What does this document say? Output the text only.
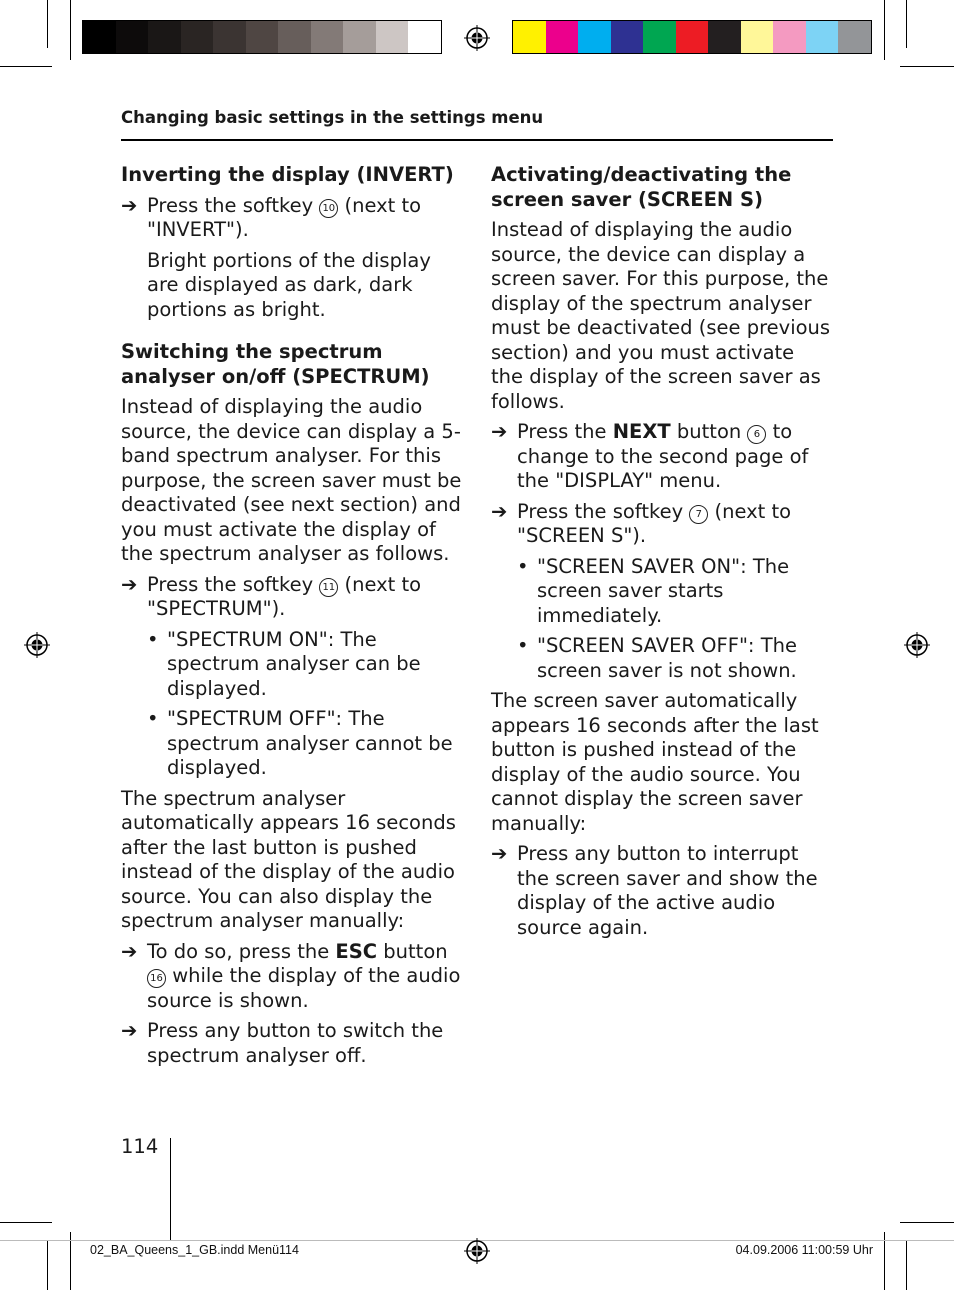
Changing basic settings in the settings menu

Inverting the display (INVERT)

➔ Press the softkey 10 (next to "INVERT").
Bright portions of the display are displayed as dark, dark portions as bright.

Switching the spectrum analyser on/off (SPECTRUM)

Instead of displaying the audio source, the device can display a 5-band spectrum analyser. For this purpose, the screen saver must be deactivated (see next section) and you must activate the display of the spectrum analyser as follows.

➔ Press the softkey 11 (next to "SPECTRUM").
• "SPECTRUM ON": The spectrum analyser can be displayed.
• "SPECTRUM OFF": The spectrum analyser cannot be displayed.

The spectrum analyser automatically appears 16 seconds after the last button is pushed instead of the display of the audio source. You can also display the spectrum analyser manually:

➔ To do so, press the ESC button 16 while the display of the audio source is shown.
➔ Press any button to switch the spectrum analyser off.

Activating/deactivating the screen saver (SCREEN S)

Instead of displaying the audio source, the device can display a screen saver. For this purpose, the display of the spectrum analyser must be deactivated (see previous section) and you must activate the display of the screen saver as follows.

➔ Press the NEXT button 6 to change to the second page of the "DISPLAY" menu.
➔ Press the softkey 7 (next to "SCREEN S").
• "SCREEN SAVER ON": The screen saver starts immediately.
• "SCREEN SAVER OFF": The screen saver is not shown.

The screen saver automatically appears 16 seconds after the last button is pushed instead of the display of the audio source. You cannot display the screen saver manually:

➔ Press any button to interrupt the screen saver and show the display of the active audio source again.
114
02_BA_Queens_1_GB.indd Menü114	04.09.2006 11:00:59 Uhr
